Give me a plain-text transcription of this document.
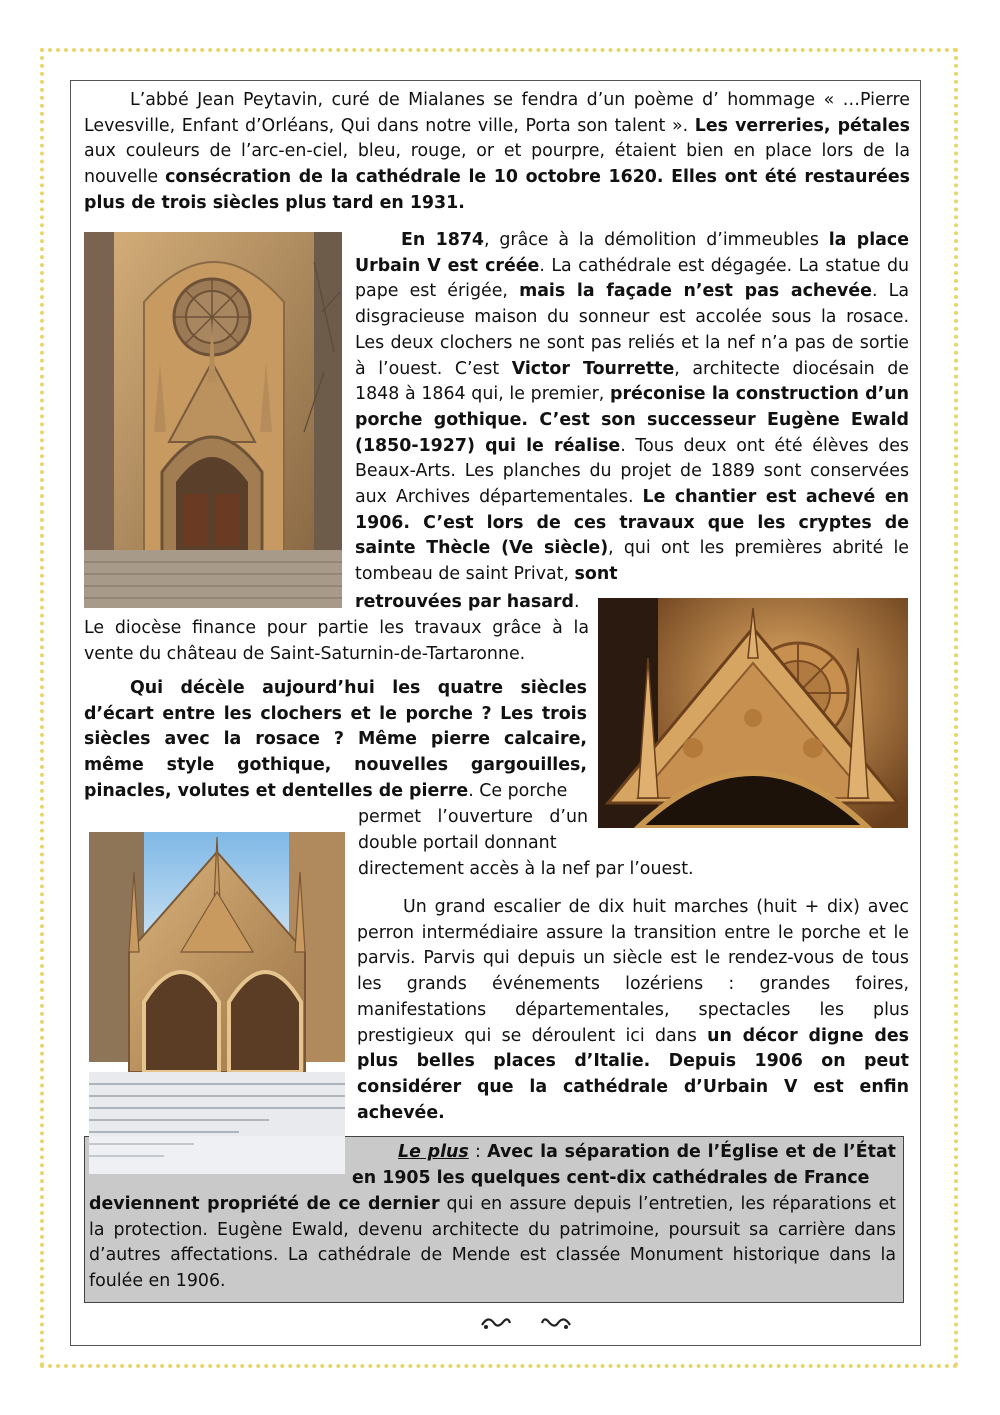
L’abbé Jean Peytavin, curé de Mialanes se fendra d’un poème d’ hommage « …Pierre Levesville, Enfant d’Orléans, Qui dans notre ville, Porta son talent ». Les verreries, pétales aux couleurs de l’arc-en-ciel, bleu, rouge, or et pourpre, étaient bien en place lors de la nouvelle consécration de la cathédrale le 10 octobre 1620. Elles ont été restaurées plus de trois siècles plus tard en 1931.

En 1874, grâce à la démolition d’immeubles la place Urbain V est créée. La cathédrale est dégagée. La statue du pape est érigée, mais la façade n’est pas achevée. La disgracieuse maison du sonneur est accolée sous la rosace. Les deux clochers ne sont pas reliés et la nef n’a pas de sortie à l’ouest. C’est Victor Tourrette, architecte diocésain de 1848 à 1864 qui, le premier, préconise la construction d’un porche gothique. C’est son successeur Eugène Ewald (1850-1927) qui le réalise. Tous deux ont été élèves des Beaux-Arts. Les planches du projet de 1889 sont conservées aux Archives départementales. Le chantier est achevé en 1906. C’est lors de ces travaux que les cryptes de sainte Thècle (Ve siècle), qui ont les premières abrité le tombeau de saint Privat, sont

retrouvées par hasard.

Le diocèse finance pour partie les travaux grâce à la vente du château de Saint-Saturnin-de-Tartaronne.

Qui décèle aujourd’hui les quatre siècles d’écart entre les clochers et le porche ? Les trois siècles avec la rosace ? Même pierre calcaire, même style gothique, nouvelles gargouilles, pinacles, volutes et dentelles de pierre. Ce porche

permet l’ouverture d’un double portail donnant

directement accès à la nef par l’ouest.

Un grand escalier de dix huit marches (huit + dix) avec perron intermédiaire assure la transition entre le porche et le parvis. Parvis qui depuis un siècle est le rendez-vous de tous les grands événements lozériens : grandes foires, manifestations départementales, spectacles les plus prestigieux qui se déroulent ici dans un décor digne des plus belles places d’Italie. Depuis 1906 on peut considérer que la cathédrale d’Urbain V est enfin achevée.

Le plus : Avec la séparation de l’Église et de l’État en 1905 les quelques cent-dix cathédrales de France

deviennent propriété de ce dernier qui en assure depuis l’entretien, les réparations et la protection. Eugène Ewald, devenu architecte du patrimoine, poursuit sa carrière dans d’autres affectations. La cathédrale de Mende est classée Monument historique dans la foulée en 1906.
